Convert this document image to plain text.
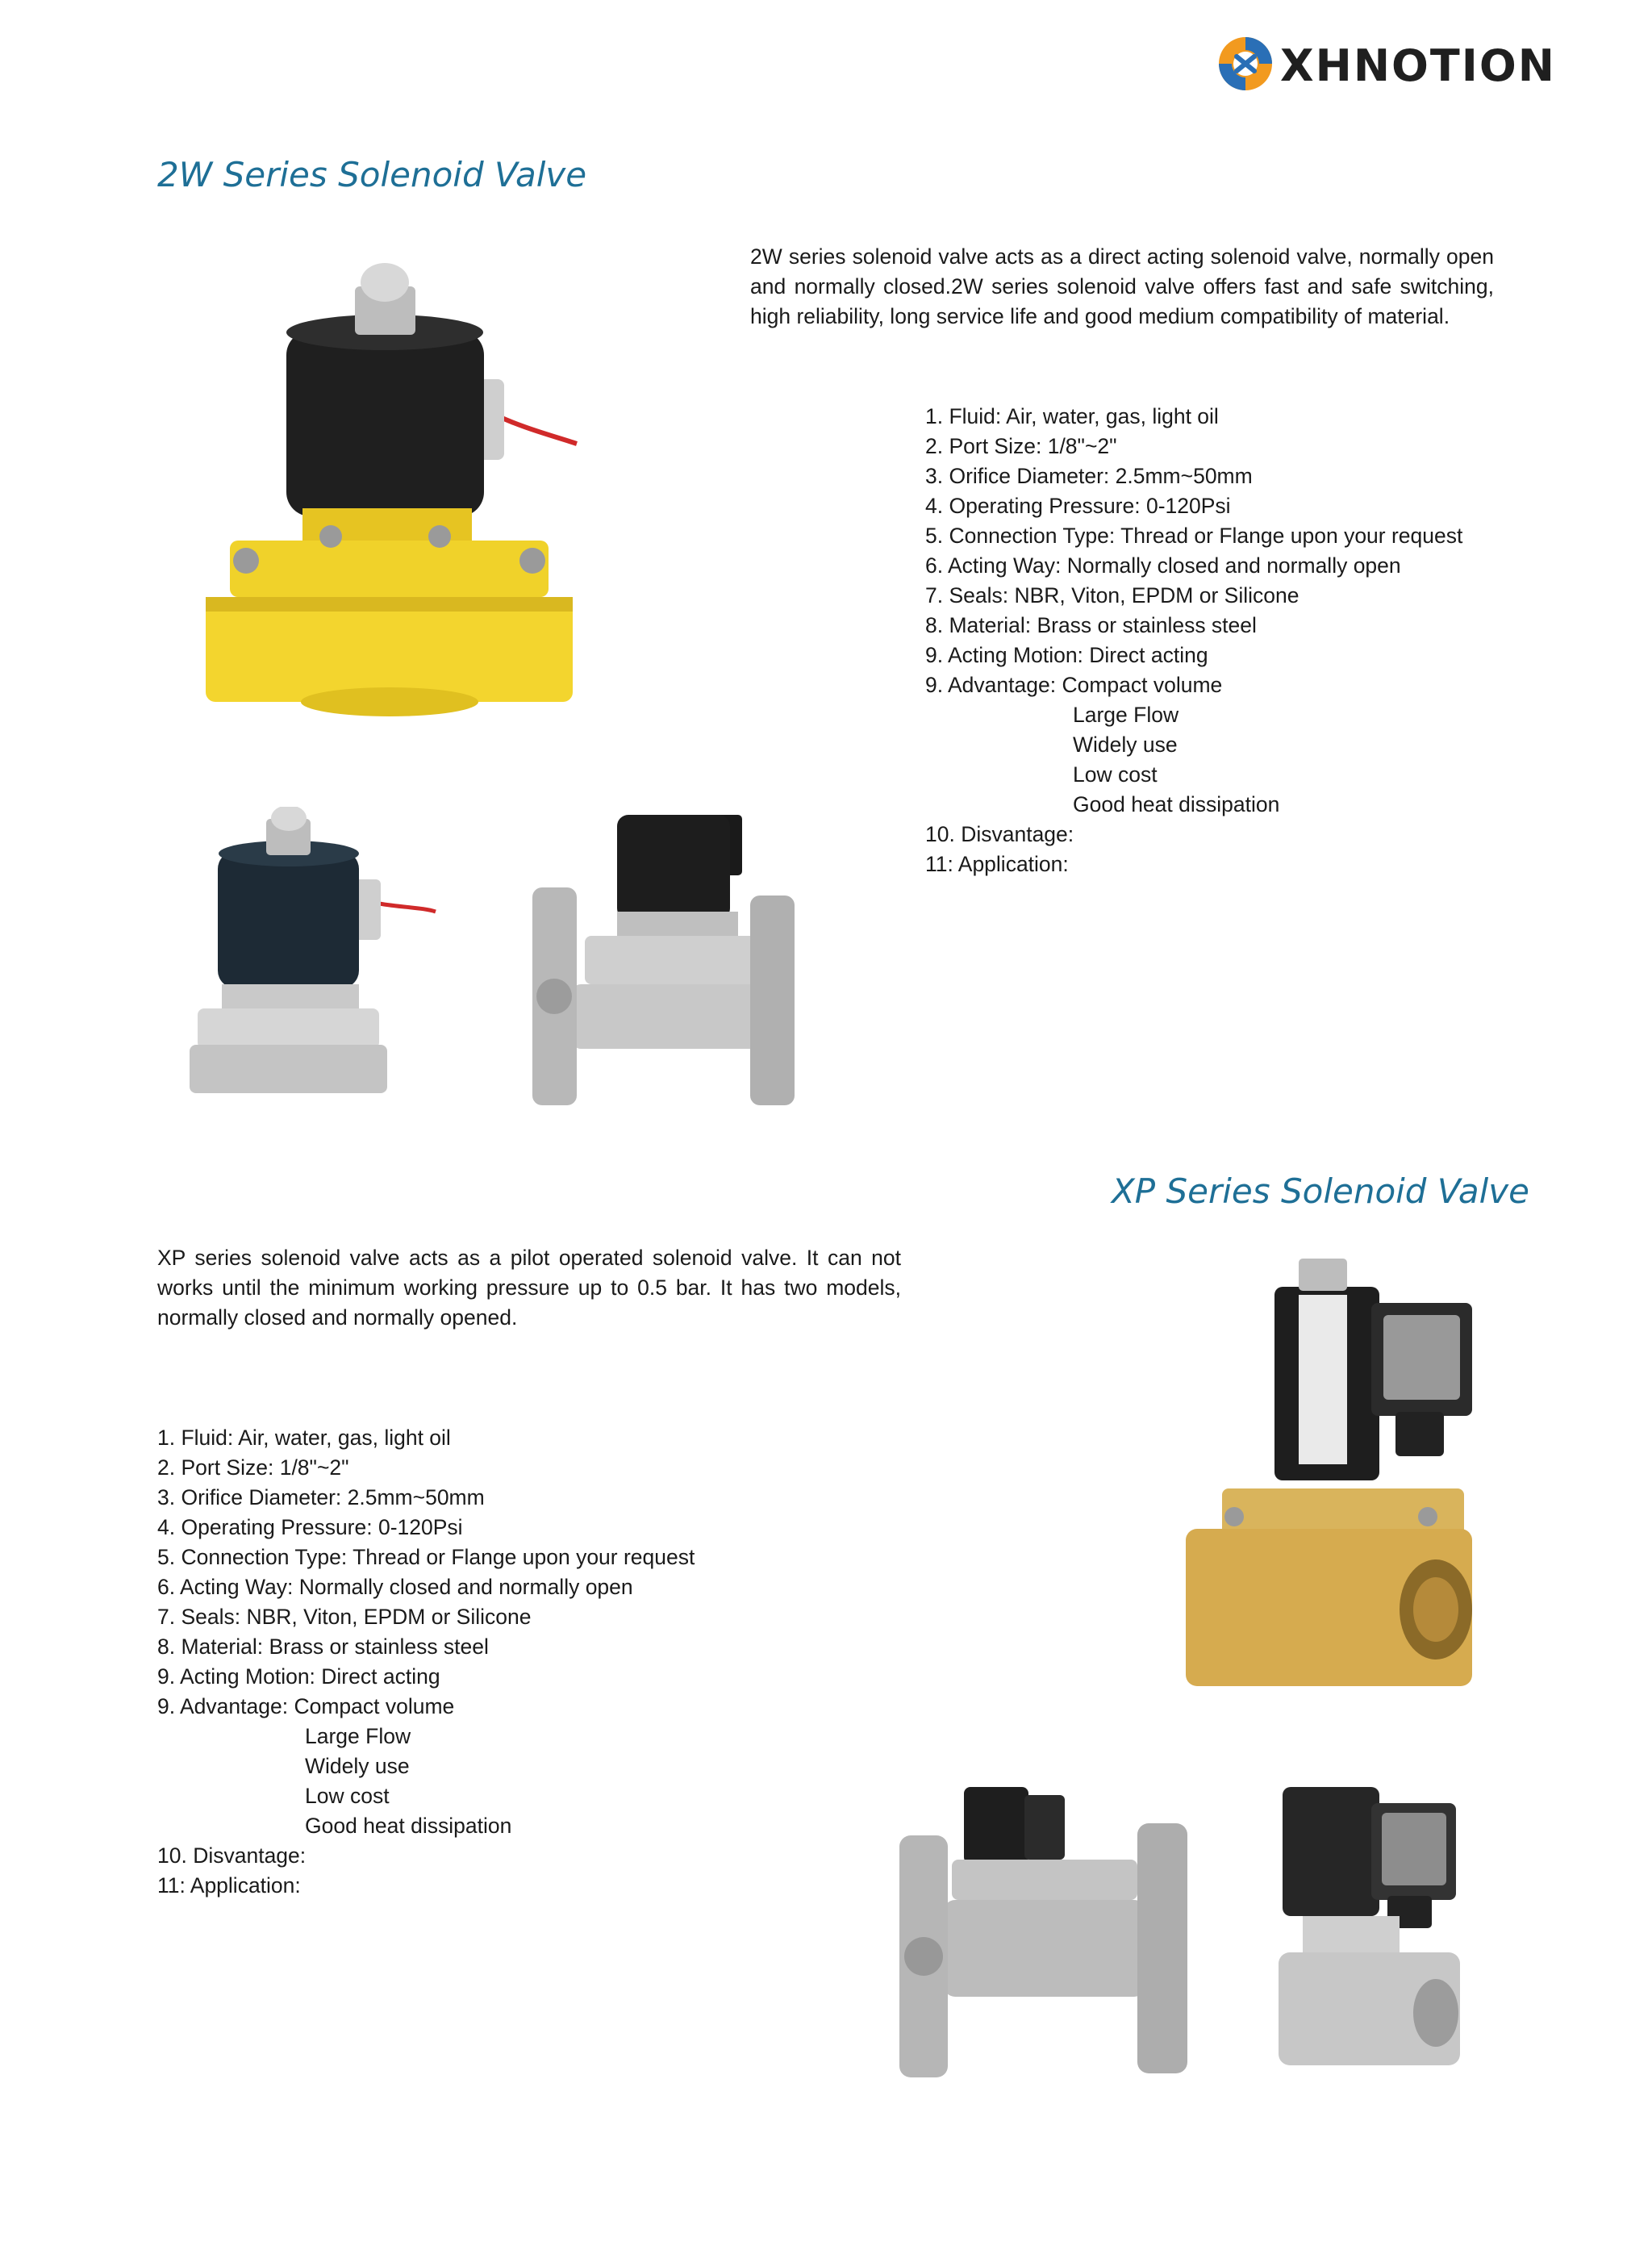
XHNOTION
2W Series Solenoid Valve

2W series solenoid valve acts as a direct acting solenoid valve, normally open and normally closed.2W series solenoid valve offers fast and safe switching, high reliability, long service life and good medium compatibility of material.

1. Fluid: Air, water, gas, light oil
2. Port Size: 1/8"~2"
3. Orifice Diameter: 2.5mm~50mm
4. Operating Pressure: 0-120Psi
5. Connection Type: Thread or Flange upon your request
6. Acting Way: Normally closed and normally open
7. Seals: NBR, Viton, EPDM or Silicone
8. Material: Brass or stainless steel
9. Acting Motion: Direct acting
9. Advantage: Compact volume
Large Flow
Widely use
Low cost
Good heat dissipation
10. Disvantage:
11: Application:
XP Series Solenoid Valve

XP series solenoid valve acts as a pilot operated solenoid valve. It can not works until the minimum working pressure up to 0.5 bar. It has two models, normally closed and normally opened.

1. Fluid: Air, water, gas, light oil
2. Port Size: 1/8"~2"
3. Orifice Diameter: 2.5mm~50mm
4. Operating Pressure: 0-120Psi
5. Connection Type: Thread or Flange upon your request
6. Acting Way: Normally closed and normally open
7. Seals: NBR, Viton, EPDM or Silicone
8. Material: Brass or stainless steel
9. Acting Motion: Direct acting
9. Advantage: Compact volume
Large Flow
Widely use
Low cost
Good heat dissipation
10. Disvantage:
11: Application:
